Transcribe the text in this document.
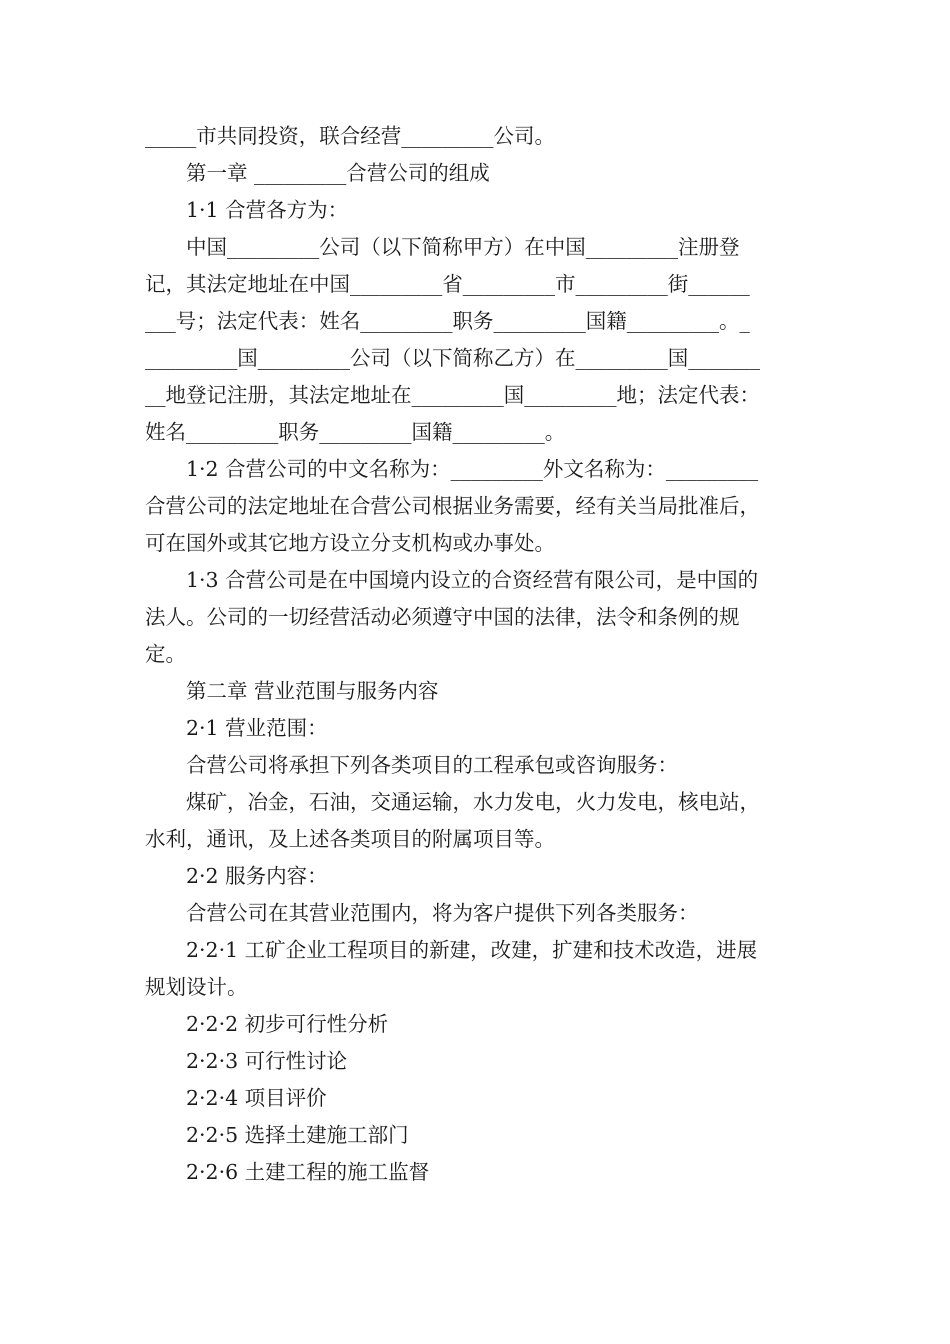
_____市共同投资，联合经营_________公司。
　　第一章 _________合营公司的组成
　　1·1 合营各方为：
　　中国_________公司（以下简称甲方）在中国_________注册登
记，其法定地址在中国_________省_________市_________街______
___号；法定代表：姓名_________职务_________国籍_________。_
_________国_________公司（以下简称乙方）在_________国_______
__地登记注册，其法定地址在_________国_________地；法定代表：
姓名_________职务_________国籍_________。
　　1·2 合营公司的中文名称为：_________外文名称为：_________
合营公司的法定地址在合营公司根据业务需要，经有关当局批准后，
可在国外或其它地方设立分支机构或办事处。
　　1·3 合营公司是在中国境内设立的合资经营有限公司，是中国的
法人。公司的一切经营活动必须遵守中国的法律，法令和条例的规
定。
　　第二章 营业范围与服务内容
　　2·1 营业范围：
　　合营公司将承担下列各类项目的工程承包或咨询服务：
　　煤矿，冶金，石油，交通运输，水力发电，火力发电，核电站，
水利，通讯，及上述各类项目的附属项目等。
　　2·2 服务内容：
　　合营公司在其营业范围内，将为客户提供下列各类服务：
　　2·2·1 工矿企业工程项目的新建，改建，扩建和技术改造，进展
规划设计。
　　2·2·2 初步可行性分析
　　2·2·3 可行性讨论
　　2·2·4 项目评价
　　2·2·5 选择土建施工部门
　　2·2·6 土建工程的施工监督
